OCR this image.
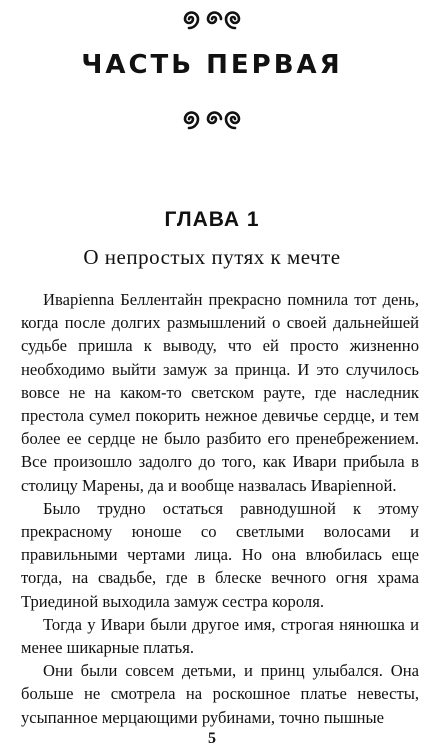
ЧАСТЬ ПЕРВАЯ
ГЛАВА 1
О непростых путях к мечте

Иварienna Беллентайн прекрасно помнила тот день, когда после долгих размышлений о своей дальнейшей судьбе пришла к выводу, что ей просто жизненно необходимо выйти замуж за принца. И это случилось вовсе не на каком-то светском рауте, где наследник престола сумел покорить нежное девичье сердце, и тем более ее сердце не было разбито его пренебрежением. Все произошло задолго до того, как Ивари прибыла в столицу Марены, да и вообще назвалась Иварienной.

Было трудно остаться равнодушной к этому прекрасному юноше со светлыми волосами и правильными чертами лица. Но она влюбилась еще тогда, на свадьбе, где в блеске вечного огня храма Триединой выходила замуж сестра короля.

Тогда у Ивари были другое имя, строгая нянюшка и менее шикарные платья.

Они были совсем детьми, и принц улыбался. Она больше не смотрела на роскошное платье невесты, усыпанное мерцающими рубинами, точно пышные

5
